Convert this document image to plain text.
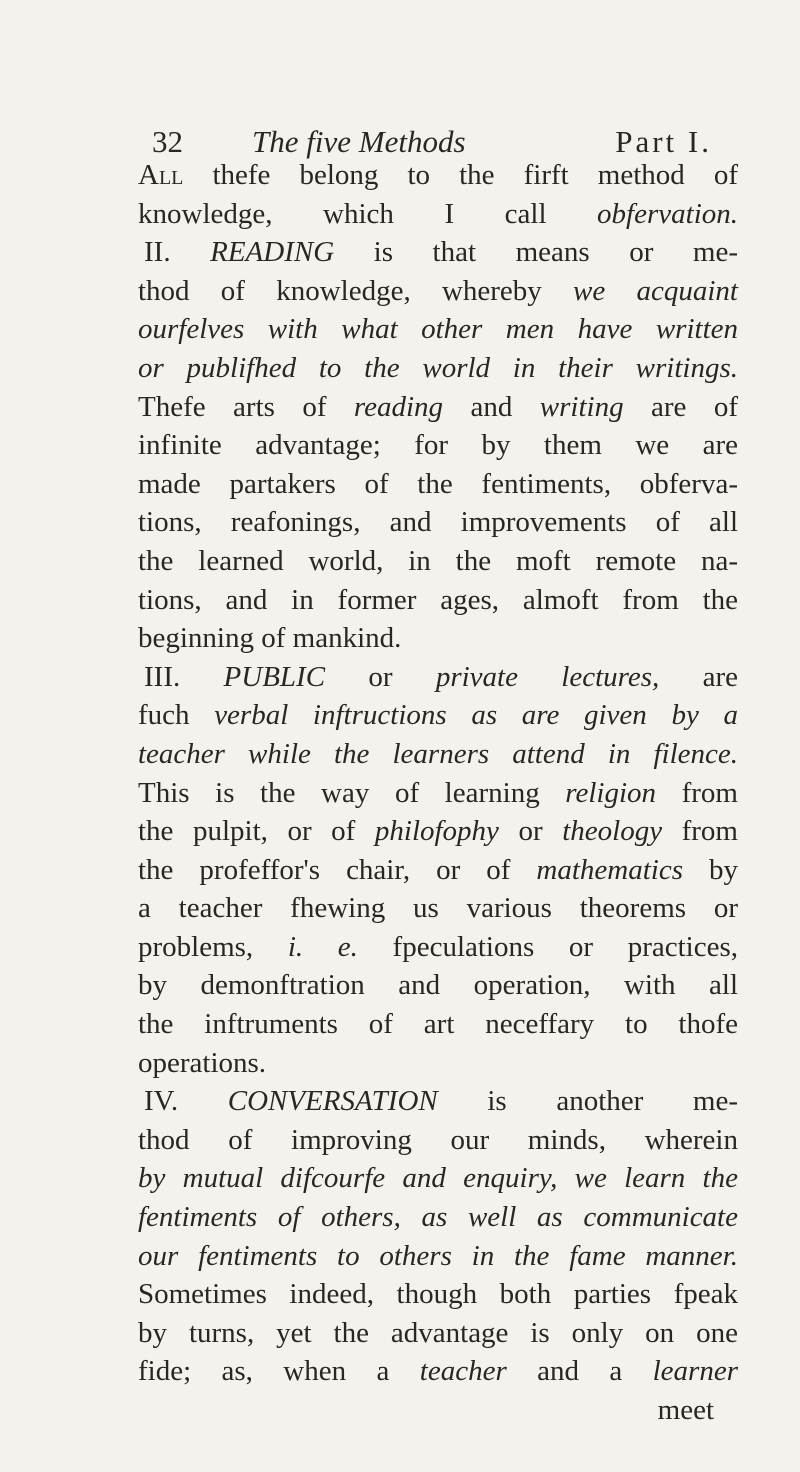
32 The five Methods	Part I.
All thefe belong to the firft method of
knowledge, which I call obfervation.
II. READING is that means or me-
thod of knowledge, whereby we acquaint
ourfelves with what other men have written
or publifhed to the world in their writings.
Thefe arts of reading and writing are of
infinite advantage; for by them we are
made partakers of the fentiments, obferva-
tions, reafonings, and improvements of all
the learned world, in the moft remote na-
tions, and in former ages, almoft from the
beginning of mankind.
III. PUBLIC or private lectures, are
fuch verbal inftructions as are given by a
teacher while the learners attend in filence.
This is the way of learning religion from
the pulpit, or of philofophy or theology from
the profeffor's chair, or of mathematics by
a teacher fhewing us various theorems or
problems, i. e. fpeculations or practices,
by demonftration and operation, with all
the inftruments of art neceffary to thofe
operations.
IV. CONVERSATION is another me-
thod of improving our minds, wherein
by mutual difcourfe and enquiry, we learn the
fentiments of others, as well as communicate
our fentiments to others in the fame manner.
Sometimes indeed, though both parties fpeak
by turns, yet the advantage is only on one
fide; as, when a teacher and a learner
meet
